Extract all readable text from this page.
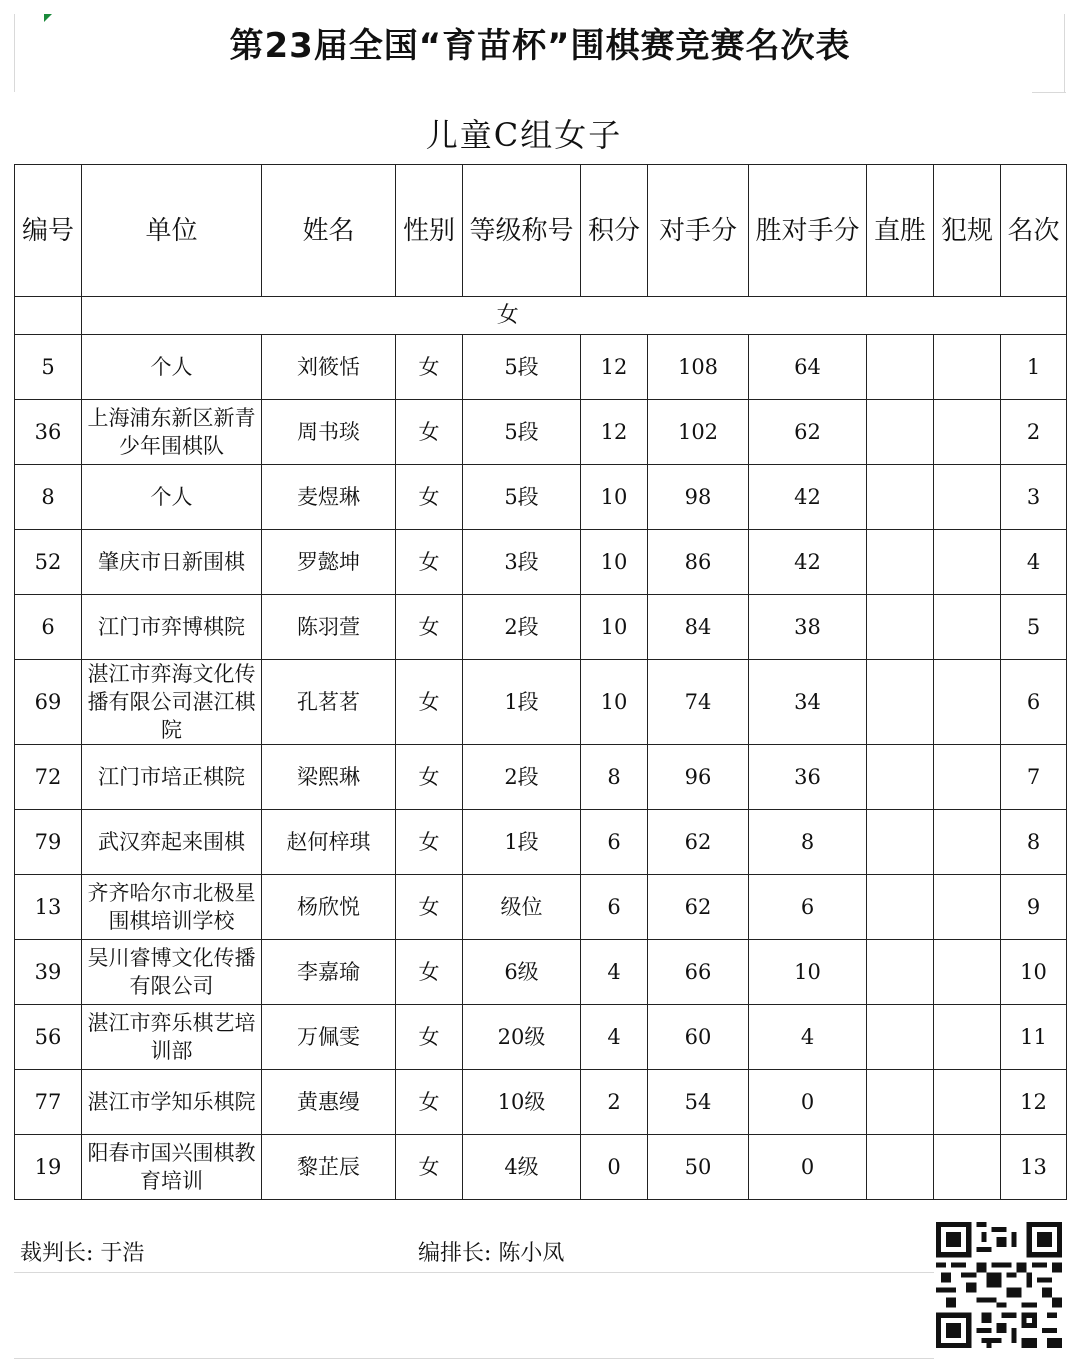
第23届全国“育苗杯”围棋赛竞赛名次表
儿童C组女子
编号	单位	姓名	性别	等级称号	积分	对手分	胜对手分	直胜	犯规	名次
	女									
5	个人	刘筱恬	女	5段	12	108	64			1
36	上海浦东新区新青少年围棋队	周书琰	女	5段	12	102	62			2
8	个人	麦煜琳	女	5段	10	98	42			3
52	肇庆市日新围棋	罗懿坤	女	3段	10	86	42			4
6	江门市弈博棋院	陈羽萱	女	2段	10	84	38			5
69	湛江市弈海文化传播有限公司湛江棋院	孔茗茗	女	1段	10	74	34			6
72	江门市培正棋院	梁熙琳	女	2段	8	96	36			7
79	武汉弈起来围棋	赵何梓琪	女	1段	6	62	8			8
13	齐齐哈尔市北极星围棋培训学校	杨欣悦	女	级位	6	62	6			9
39	吴川睿博文化传播有限公司	李嘉瑜	女	6级	4	66	10			10
56	湛江市弈乐棋艺培训部	万佩雯	女	20级	4	60	4			11
77	湛江市学知乐棋院	黄惠缦	女	10级	2	54	0			12
19	阳春市国兴围棋教育培训	黎芷辰	女	4级	0	50	0			13
裁判长: 于浩	编排长: 陈小凤
